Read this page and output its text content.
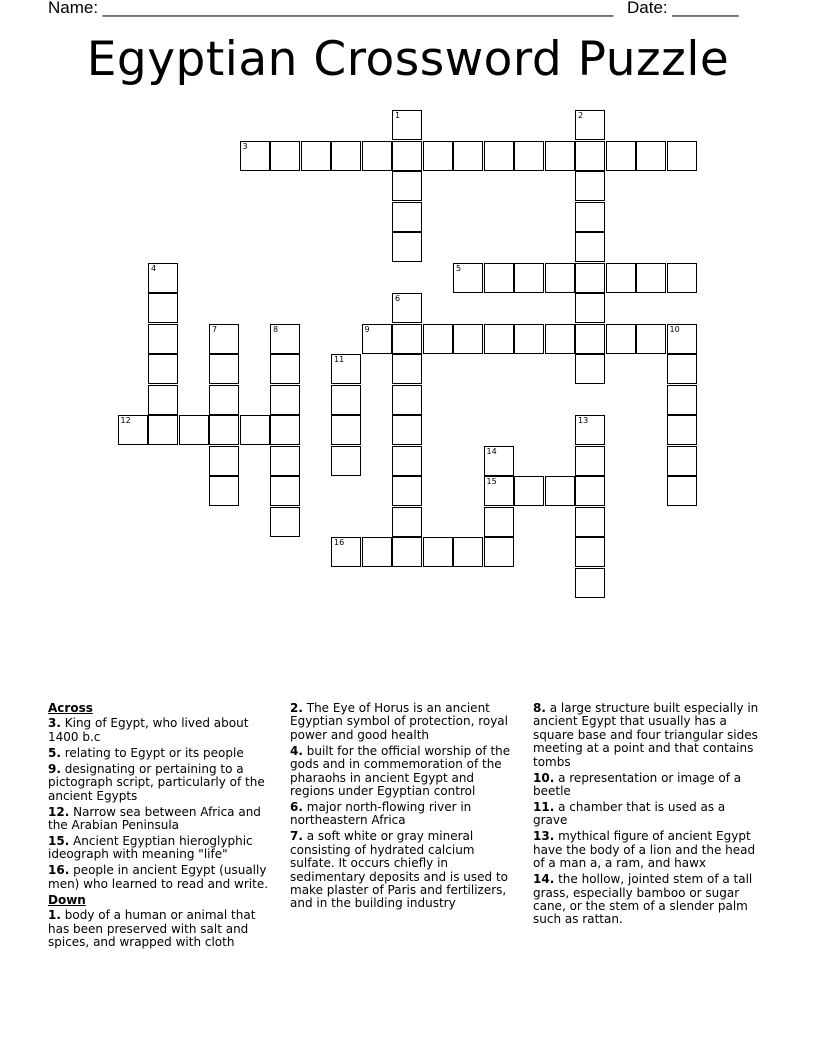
Name: ______________________________________________________ Date: _______
Egyptian Crossword Puzzle
3
5
9	10
12
15
16
1	2
4
6
7	8
11
13
14
Across

3. King of Egypt, who lived about 1400 b.c

5. relating to Egypt or its people

9. designating or pertaining to a pictograph script, particularly of the ancient Egypts

12. Narrow sea between Africa and the Arabian Peninsula

15. Ancient Egyptian hieroglyphic ideograph with meaning "life"

16. people in ancient Egypt (usually men) who learned to read and write.

Down

1. body of a human or animal that has been preserved with salt and spices, and wrapped with cloth

2. The Eye of Horus is an ancient Egyptian symbol of protection, royal power and good health

4. built for the official worship of the gods and in commemoration of the pharaohs in ancient Egypt and regions under Egyptian control

6. major north-flowing river in northeastern Africa

7. a soft white or gray mineral consisting of hydrated calcium sulfate. It occurs chiefly in sedimentary deposits and is used to make plaster of Paris and fertilizers, and in the building industry

8. a large structure built especially in ancient Egypt that usually has a square base and four triangular sides meeting at a point and that contains tombs

10. a representation or image of a beetle

11. a chamber that is used as a grave

13. mythical figure of ancient Egypt have the body of a lion and the head of a man a, a ram, and hawx

14. the hollow, jointed stem of a tall grass, especially bamboo or sugar cane, or the stem of a slender palm such as rattan.
